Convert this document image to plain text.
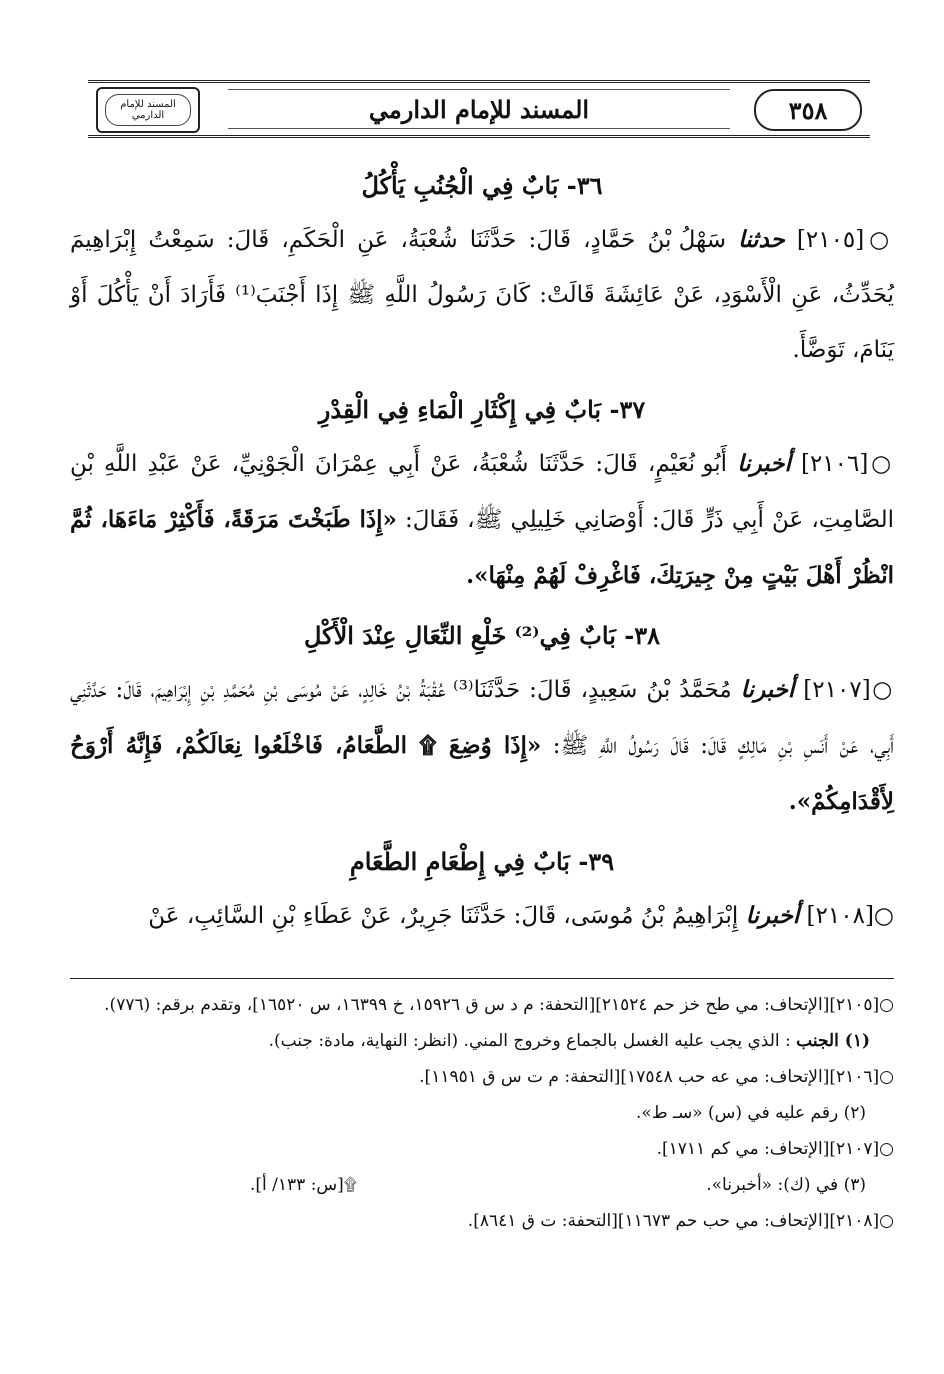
٣٥٨
المسند للإمام الدارمي
المسند للإمام الدارمي
٣٦- بَابٌ فِي الْجُنُبِ يَأْكُلُ

○[٢١٠٥] حدثنا سَهْلُ بْنُ حَمَّادٍ، قَالَ: حَدَّثَنَا شُعْبَةُ، عَنِ الْحَكَمِ، قَالَ: سَمِعْتُ إِبْرَاهِيمَ يُحَدِّثُ، عَنِ الْأَسْوَدِ، عَنْ عَائِشَةَ قَالَتْ: كَانَ رَسُولُ اللَّهِ ﷺ إِذَا أَجْنَبَ⁽¹⁾ فَأَرَادَ أَنْ يَأْكُلَ أَوْ يَنَامَ، تَوَضَّأَ.

٣٧- بَابٌ فِي إِكْثَارِ الْمَاءِ فِي الْقِدْرِ

○[٢١٠٦] أخبرنا أَبُو نُعَيْمٍ، قَالَ: حَدَّثَنَا شُعْبَةُ، عَنْ أَبِي عِمْرَانَ الْجَوْنِيِّ، عَنْ عَبْدِ اللَّهِ بْنِ الصَّامِتِ، عَنْ أَبِي ذَرٍّ قَالَ: أَوْصَانِي خَلِيلِي ﷺ، فَقَالَ: «إِذَا طَبَخْتَ مَرَقَةً، فَأَكْثِرْ مَاءَهَا، ثُمَّ انْظُرْ أَهْلَ بَيْتٍ مِنْ جِيرَتِكَ، فَاغْرِفْ لَهُمْ مِنْهَا».

٣٨- بَابٌ فِي⁽²⁾ خَلْعِ النِّعَالِ عِنْدَ الْأَكْلِ

○[٢١٠٧] أخبرنا مُحَمَّدُ بْنُ سَعِيدٍ، قَالَ: حَدَّثَنَا⁽³⁾ عُقْبَةُ بْنُ خَالِدٍ، عَنْ مُوسَى بْنِ مُحَمَّدِ بْنِ إِبْرَاهِيمَ، قَالَ: حَدَّثَنِي أَبِي، عَنْ أَنَسِ بْنِ مَالِكٍ قَالَ: قَالَ رَسُولُ اللَّهِ ﷺ: «إِذَا وُضِعَ ۩ الطَّعَامُ، فَاخْلَعُوا نِعَالَكُمْ، فَإِنَّهُ أَرْوَحُ لِأَقْدَامِكُمْ».

٣٩- بَابٌ فِي إِطْعَامِ الطَّعَامِ

○[٢١٠٨] أخبرنا إِبْرَاهِيمُ بْنُ مُوسَى، قَالَ: حَدَّثَنَا جَرِيرٌ، عَنْ عَطَاءِ بْنِ السَّائِبِ، عَنْ

○[٢١٠٥][الإتحاف: مي طح خز حم ٢١٥٢٤][التحفة: م د س ق ١٥٩٢٦، خ ١٦٣٩٩، س ١٦٥٢٠]، وتقدم برقم: (٧٧٦).

(١) الجنب : الذي يجب عليه الغسل بالجماع وخروج المني. (انظر: النهاية، مادة: جنب).

○[٢١٠٦][الإتحاف: مي عه حب ١٧٥٤٨][التحفة: م ت س ق ١١٩٥١].

(٢) رقم عليه في (س) «سـ ط».

○[٢١٠٧][الإتحاف: مي كم ١٧١١].

(٣) في (ك): «أخبرنا».
۩[س: ١٣٣/ أ].

○[٢١٠٨][الإتحاف: مي حب حم ١١٦٧٣][التحفة: ت ق ٨٦٤١].
